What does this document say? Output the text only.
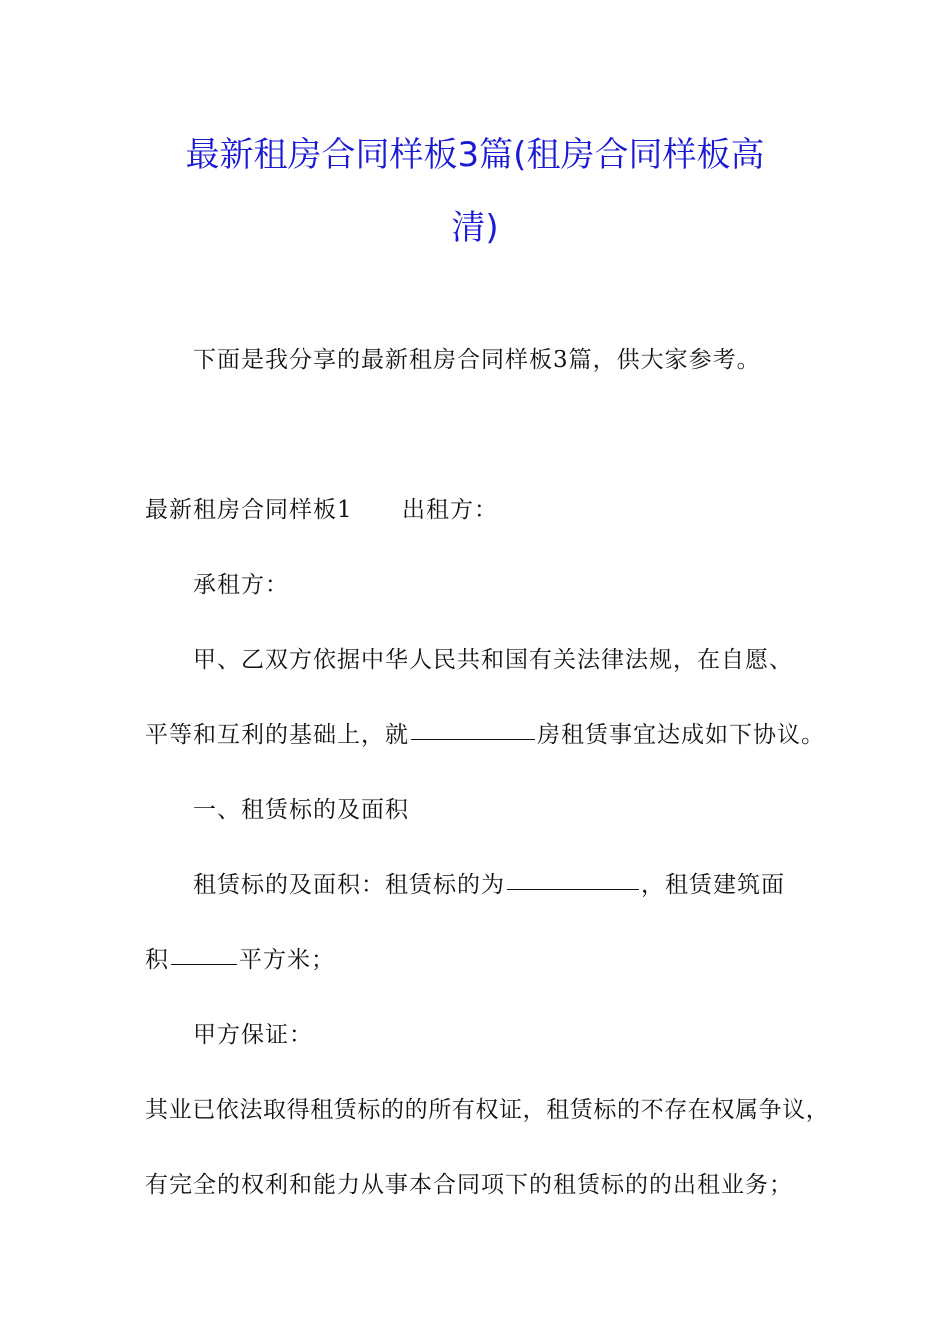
最新租房合同样板3篇(租房合同样板高
清)
下面是我分享的最新租房合同样板3篇，供大家参考。
最新租房合同样板1 出租方：
承租方：
甲、乙双方依据中华人民共和国有关法律法规，在自愿、
平等和互利的基础上，就	房租赁事宜达成如下协议。
一、租赁标的及面积
租赁标的及面积：租赁标的为	，租赁建筑面
积	平方米；
甲方保证：
其业已依法取得租赁标的的所有权证，租赁标的不存在权属争议，
有完全的权利和能力从事本合同项下的租赁标的的出租业务；
